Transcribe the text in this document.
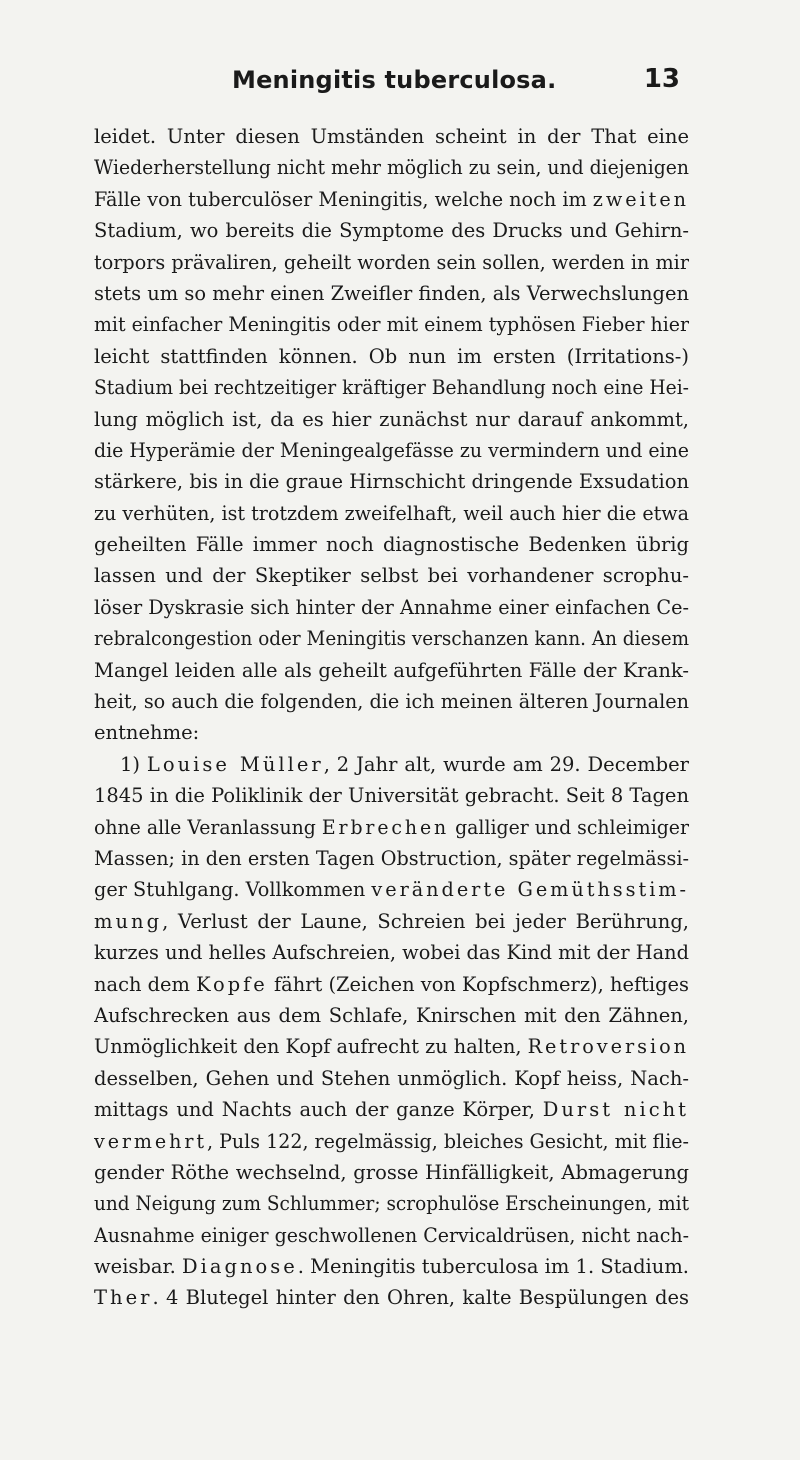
Meningitis tuberculosa.	13
leidet. Unter diesen Umständen scheint in der That eine
Wiederherstellung nicht mehr möglich zu sein, und diejenigen
Fälle von tuberculöser Meningitis, welche noch im zweiten
Stadium, wo bereits die Symptome des Drucks und Gehirn-
torpors prävaliren, geheilt worden sein sollen, werden in mir
stets um so mehr einen Zweifler finden, als Verwechslungen
mit einfacher Meningitis oder mit einem typhösen Fieber hier
leicht stattfinden können. Ob nun im ersten (Irritations-)
Stadium bei rechtzeitiger kräftiger Behandlung noch eine Hei-
lung möglich ist, da es hier zunächst nur darauf ankommt,
die Hyperämie der Meningealgefässe zu vermindern und eine
stärkere, bis in die graue Hirnschicht dringende Exsudation
zu verhüten, ist trotzdem zweifelhaft, weil auch hier die etwa
geheilten Fälle immer noch diagnostische Bedenken übrig
lassen und der Skeptiker selbst bei vorhandener scrophu-
löser Dyskrasie sich hinter der Annahme einer einfachen Ce-
rebralcongestion oder Meningitis verschanzen kann. An diesem
Mangel leiden alle als geheilt aufgeführten Fälle der Krank-
heit, so auch die folgenden, die ich meinen älteren Journalen
entnehme:
1) Louise Müller, 2 Jahr alt, wurde am 29. December
1845 in die Poliklinik der Universität gebracht. Seit 8 Tagen
ohne alle Veranlassung Erbrechen galliger und schleimiger
Massen; in den ersten Tagen Obstruction, später regelmässi-
ger Stuhlgang. Vollkommen veränderte Gemüthsstim-
mung, Verlust der Laune, Schreien bei jeder Berührung,
kurzes und helles Aufschreien, wobei das Kind mit der Hand
nach dem Kopfe fährt (Zeichen von Kopfschmerz), heftiges
Aufschrecken aus dem Schlafe, Knirschen mit den Zähnen,
Unmöglichkeit den Kopf aufrecht zu halten, Retroversion
desselben, Gehen und Stehen unmöglich. Kopf heiss, Nach-
mittags und Nachts auch der ganze Körper, Durst nicht
vermehrt, Puls 122, regelmässig, bleiches Gesicht, mit flie-
gender Röthe wechselnd, grosse Hinfälligkeit, Abmagerung
und Neigung zum Schlummer; scrophulöse Erscheinungen, mit
Ausnahme einiger geschwollenen Cervicaldrüsen, nicht nach-
weisbar. Diagnose. Meningitis tuberculosa im 1. Stadium.
Ther. 4 Blutegel hinter den Ohren, kalte Bespülungen des
